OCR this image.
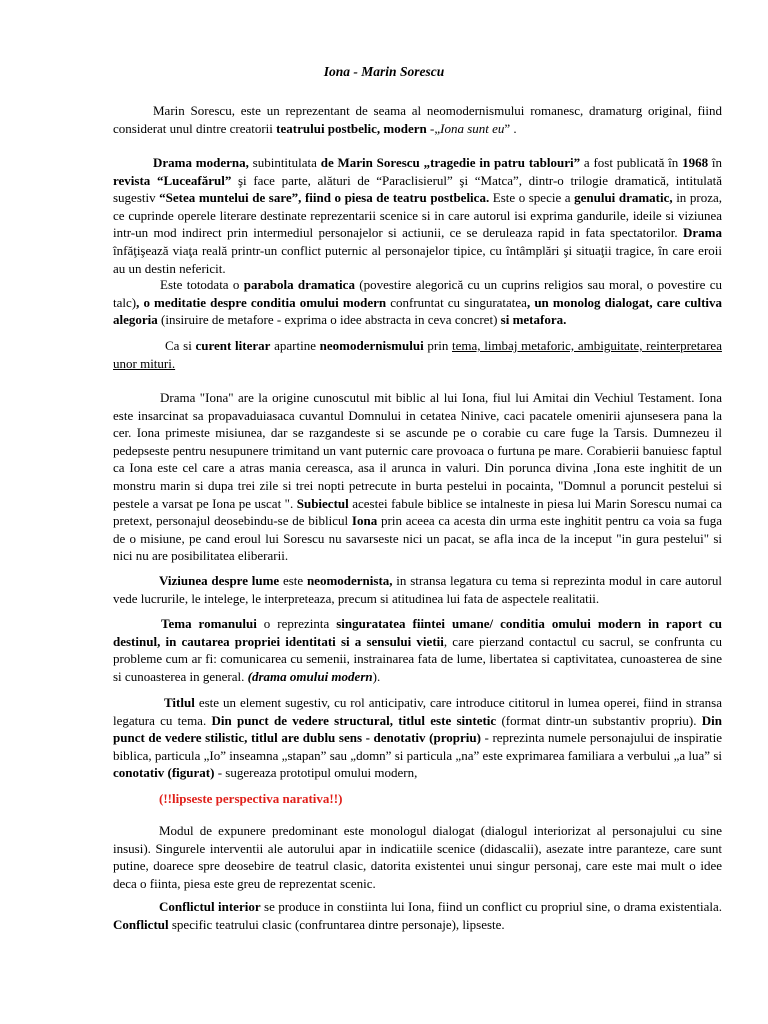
Iona - Marin Sorescu
Marin Sorescu, este un reprezentant de seama al neomodernismului romanesc, dramaturg original, fiind considerat unul dintre creatorii teatrului postbelic, modern -„Iona sunt eu” .
Drama moderna, subintitulata de Marin Sorescu „tragedie in patru tablouri” a fost publicată în 1968 în revista “Luceafărul” şi face parte, alături de “Paraclisierul” şi “Matca”, dintr-o trilogie dramatică, intitulată sugestiv “Setea muntelui de sare”, fiind o piesa de teatru postbelica. Este o specie a genului dramatic, in proza, ce cuprinde operele literare destinate reprezentarii scenice si in care autorul isi exprima gandurile, ideile si viziunea intr-un mod indirect prin intermediul personajelor si actiunii, ce se deruleaza rapid in fata spectatorilor. Drama înfăţişează viaţa reală printr-un conflict puternic al personajelor tipice, cu întâmplări şi situaţii tragice, în care eroii au un destin nefericit.
Este totodata o parabola dramatica (povestire alegorică cu un cuprins religios sau moral, o povestire cu talc), o meditatie despre conditia omului modern confruntat cu singuratatea, un monolog dialogat, care cultiva alegoria (insiruire de metafore - exprima o idee abstracta in ceva concret) si metafora.
Ca si curent literar apartine neomodernismului prin tema, limbaj metaforic, ambiguitate, reinterpretarea unor mituri.
Drama "Iona" are la origine cunoscutul mit biblic al lui Iona, fiul lui Amitai din Vechiul Testament. Iona este insarcinat sa propavaduiasaca cuvantul Domnului in cetatea Ninive, caci pacatele omenirii ajunsesera pana la cer. Iona primeste misiunea, dar se razgandeste si se ascunde pe o corabie cu care fuge la Tarsis. Dumnezeu il pedepseste pentru nesupunere trimitand un vant puternic care provoaca o furtuna pe mare. Corabierii banuiesc faptul ca Iona este cel care a atras mania cereasca, asa il arunca in valuri. Din porunca divina ,Iona este inghitit de un monstru marin si dupa trei zile si trei nopti petrecute in burta pestelui in pocainta, "Domnul a poruncit pestelui si pestele a varsat pe Iona pe uscat ". Subiectul acestei fabule biblice se intalneste in piesa lui Marin Sorescu numai ca pretext, personajul deosebindu-se de biblicul Iona prin aceea ca acesta din urma este inghitit pentru ca voia sa fuga de o misiune, pe cand eroul lui Sorescu nu savarseste nici un pacat, se afla inca de la inceput "in gura pestelui" si nici nu are posibilitatea eliberarii.
Viziunea despre lume este neomodernista, in stransa legatura cu tema si reprezinta modul in care autorul vede lucrurile, le intelege, le interpreteaza, precum si atitudinea lui fata de aspectele realitatii.
Tema romanului o reprezinta singuratatea fiintei umane/ conditia omului modern in raport cu destinul, in cautarea propriei identitati si a sensului vietii, care pierzand contactul cu sacrul, se confrunta cu probleme cum ar fi: comunicarea cu semenii, instrainarea fata de lume, libertatea si captivitatea, cunoasterea de sine si cunoasterea in general. (drama omului modern).
Titlul este un element sugestiv, cu rol anticipativ, care introduce cititorul in lumea operei, fiind in stransa legatura cu tema. Din punct de vedere structural, titlul este sintetic (format dintr-un substantiv propriu). Din punct de vedere stilistic, titlul are dublu sens - denotativ (propriu) - reprezinta numele personajului de inspiratie biblica, particula „Io” inseamna „stapan” sau „domn” si particula „na” este exprimarea familiara a verbului „a lua” si conotativ (figurat) - sugereaza prototipul omului modern,
(!!lipseste perspectiva narativa!!)
Modul de expunere predominant este monologul dialogat (dialogul interiorizat al personajului cu sine insusi). Singurele interventii ale autorului apar in indicatiile scenice (didascalii), asezate intre paranteze, care sunt putine, doarece spre deosebire de teatrul clasic, datorita existentei unui singur personaj, care este mai mult o idee deca o fiinta, piesa este greu de reprezentat scenic.
Conflictul interior se produce in constiinta lui Iona, fiind un conflict cu propriul sine, o drama existentiala. Conflictul specific teatrului clasic (confruntarea dintre personaje), lipseste.
